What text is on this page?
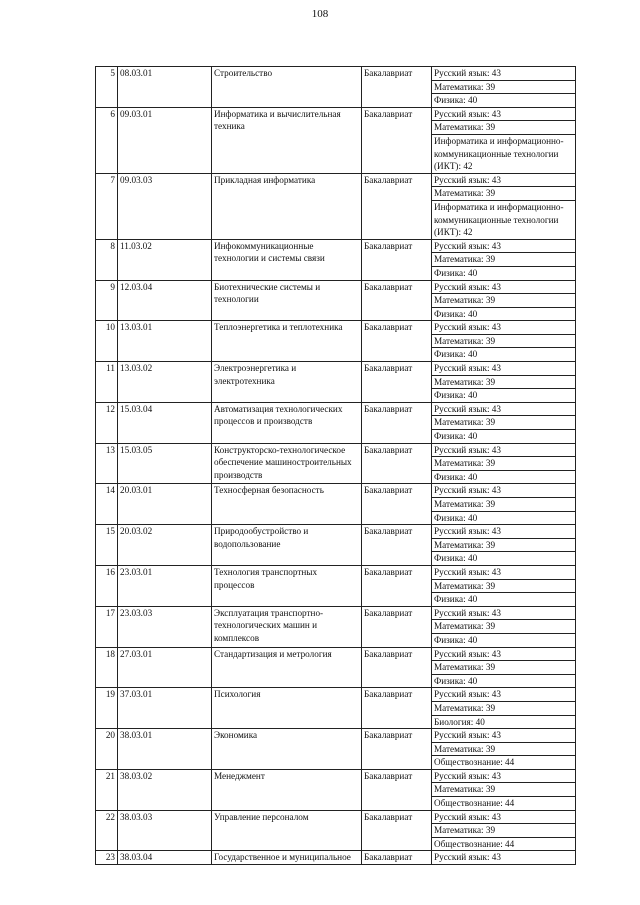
108
5	08.03.01	Строительство	Бакалавриат	Русский язык: 43
Математика: 39
Физика: 40

6	09.03.01	Информатика и вычислительная техника	Бакалавриат	Русский язык: 43
Математика: 39
Информатика и информационно-коммуникационные технологии (ИКТ): 42

7	09.03.03	Прикладная информатика	Бакалавриат	Русский язык: 43
Математика: 39
Информатика и информационно-коммуникационные технологии (ИКТ): 42

8	11.03.02	Инфокоммуникационные технологии и системы связи	Бакалавриат	Русский язык: 43
Математика: 39
Физика: 40

9	12.03.04	Биотехнические системы и технологии	Бакалавриат	Русский язык: 43
Математика: 39
Физика: 40

10	13.03.01	Теплоэнергетика и теплотехника	Бакалавриат	Русский язык: 43
Математика: 39
Физика: 40

11	13.03.02	Электроэнергетика и электротехника	Бакалавриат	Русский язык: 43
Математика: 39
Физика: 40

12	15.03.04	Автоматизация технологических процессов и производств	Бакалавриат	Русский язык: 43
Математика: 39
Физика: 40

13	15.03.05	Конструкторско-технологическое обеспечение машиностроительных производств	Бакалавриат	Русский язык: 43
Математика: 39
Физика: 40

14	20.03.01	Техносферная безопасность	Бакалавриат	Русский язык: 43
Математика: 39
Физика: 40

15	20.03.02	Природообустройство и водопользование	Бакалавриат	Русский язык: 43
Математика: 39
Физика: 40

16	23.03.01	Технология транспортных процессов	Бакалавриат	Русский язык: 43
Математика: 39
Физика: 40

17	23.03.03	Эксплуатация транспортно-технологических машин и комплексов	Бакалавриат	Русский язык: 43
Математика: 39
Физика: 40

18	27.03.01	Стандартизация и метрология	Бакалавриат	Русский язык: 43
Математика: 39
Физика: 40

19	37.03.01	Психология	Бакалавриат	Русский язык: 43
Математика: 39
Биология: 40

20	38.03.01	Экономика	Бакалавриат	Русский язык: 43
Математика: 39
Обществознание: 44

21	38.03.02	Менеджмент	Бакалавриат	Русский язык: 43
Математика: 39
Обществознание: 44

22	38.03.03	Управление персоналом	Бакалавриат	Русский язык: 43
Математика: 39
Обществознание: 44

23	38.03.04	Государственное и муниципальное	Бакалавриат	Русский язык: 43
